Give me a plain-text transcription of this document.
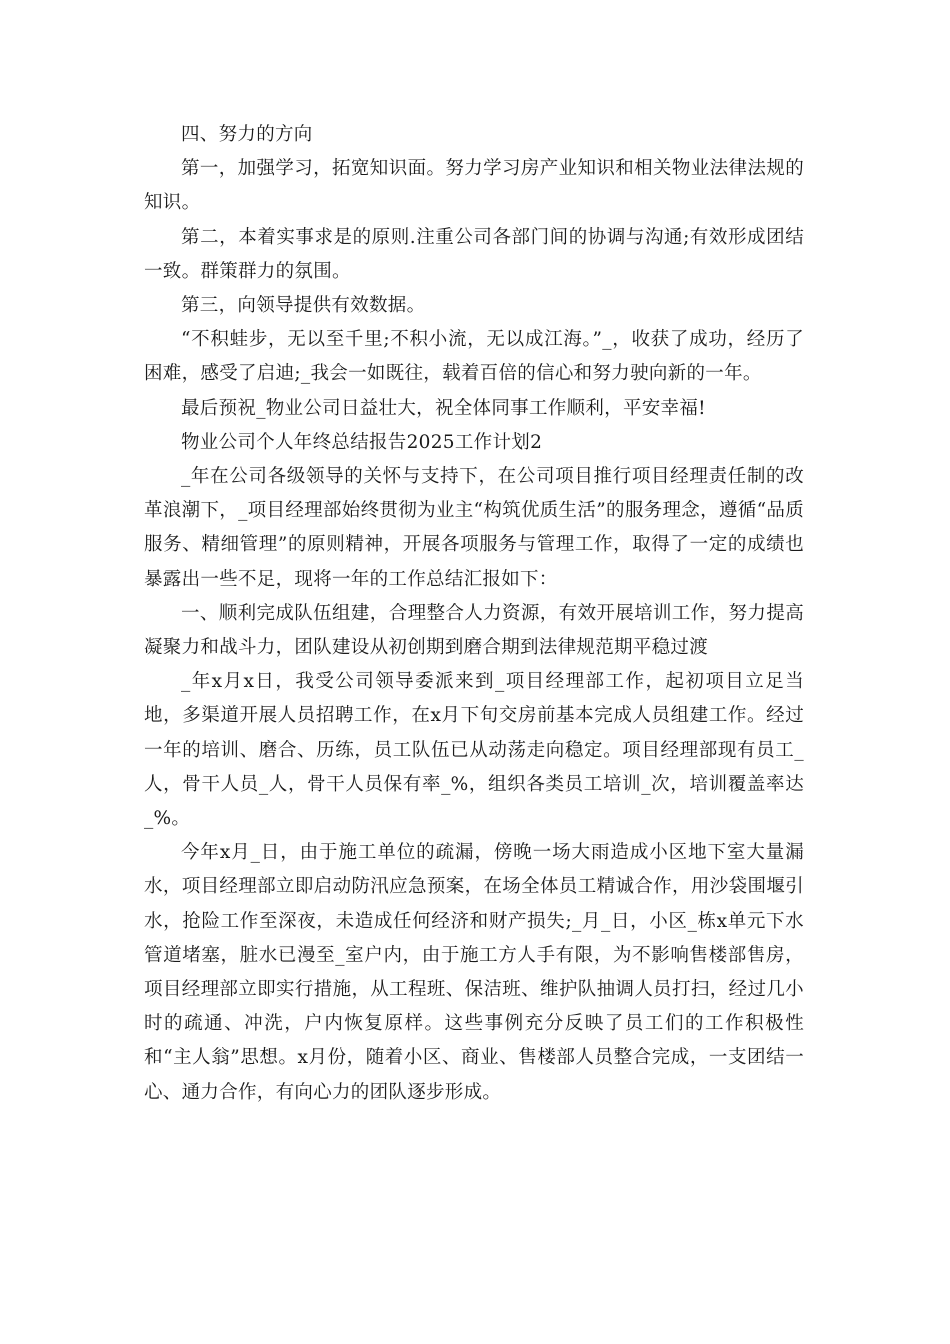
四、努力的方向

第一，加强学习，拓宽知识面。努力学习房产业知识和相关物业法律法规的知识。

第二，本着实事求是的原则.注重公司各部门间的协调与沟通;有效形成团结一致。群策群力的氛围。

第三，向领导提供有效数据。

“不积蛙步，无以至千里;不积小流，无以成江海。”_，收获了成功，经历了困难，感受了启迪;_我会一如既往，载着百倍的信心和努力驶向新的一年。

最后预祝_物业公司日益壮大，祝全体同事工作顺利，平安幸福!

物业公司个人年终总结报告2025工作计划2

_年在公司各级领导的关怀与支持下，在公司项目推行项目经理责任制的改革浪潮下，_项目经理部始终贯彻为业主“构筑优质生活”的服务理念，遵循“品质服务、精细管理”的原则精神，开展各项服务与管理工作，取得了一定的成绩也暴露出一些不足，现将一年的工作总结汇报如下：

一、顺利完成队伍组建，合理整合人力资源，有效开展培训工作，努力提高凝聚力和战斗力，团队建设从初创期到磨合期到法律规范期平稳过渡

_年x月x日，我受公司领导委派来到_项目经理部工作，起初项目立足当地，多渠道开展人员招聘工作，在x月下旬交房前基本完成人员组建工作。经过一年的培训、磨合、历练，员工队伍已从动荡走向稳定。项目经理部现有员工_人，骨干人员_人，骨干人员保有率_%，组织各类员工培训_次，培训覆盖率达_%。

今年x月_日，由于施工单位的疏漏，傍晚一场大雨造成小区地下室大量漏水，项目经理部立即启动防汛应急预案，在场全体员工精诚合作，用沙袋围堰引水，抢险工作至深夜，未造成任何经济和财产损失;_月_日，小区_栋x单元下水管道堵塞，脏水已漫至_室户内，由于施工方人手有限，为不影响售楼部售房，项目经理部立即实行措施，从工程班、保洁班、维护队抽调人员打扫，经过几小时的疏通、冲洗，户内恢复原样。这些事例充分反映了员工们的工作积极性和“主人翁”思想。x月份，随着小区、商业、售楼部人员整合完成，一支团结一心、通力合作，有向心力的团队逐步形成。
